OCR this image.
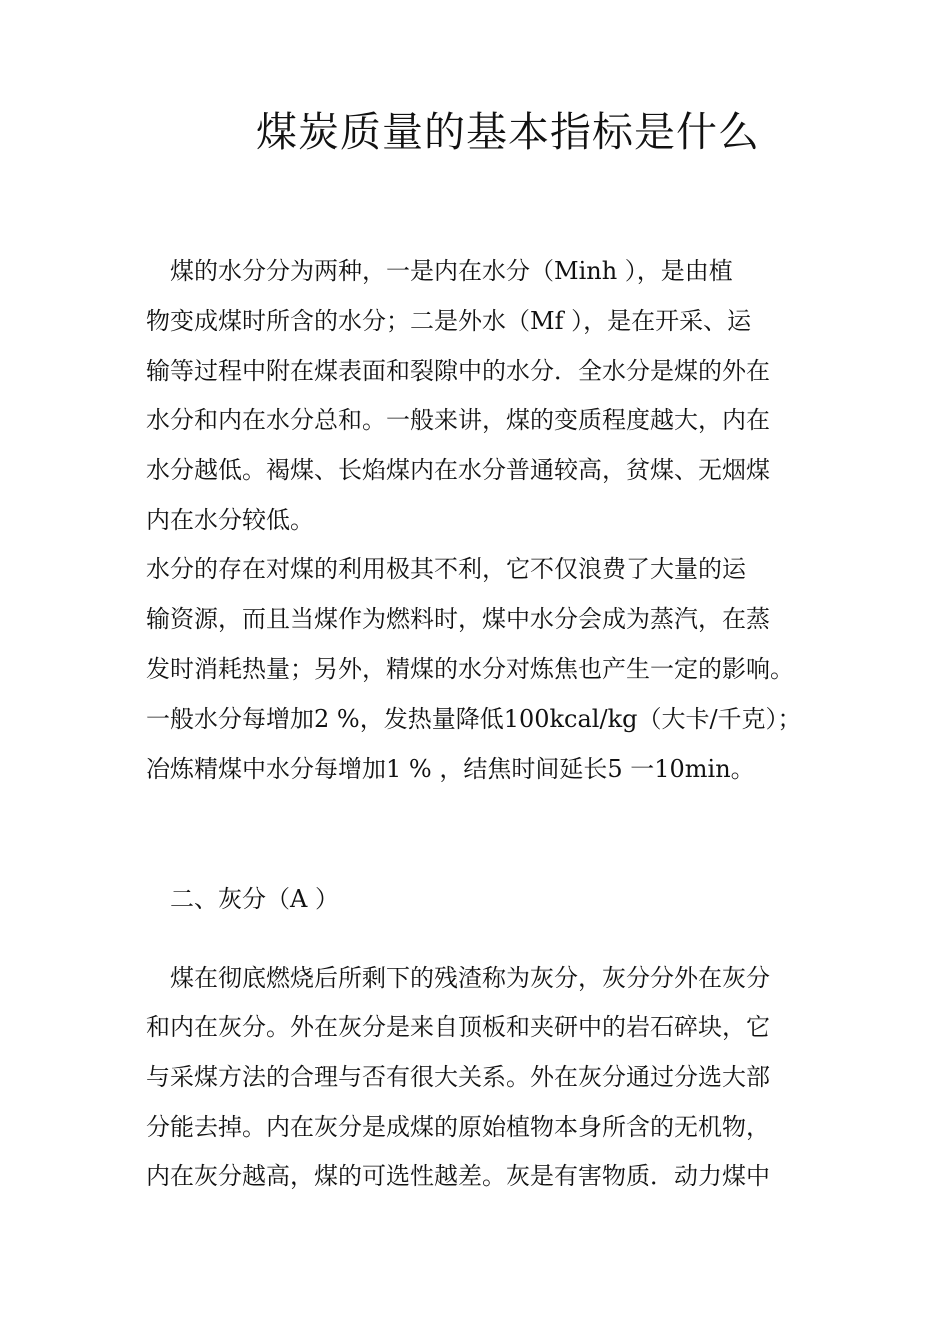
煤炭质量的基本指标是什么

　煤的水分分为两种，一是内在水分（Minh ），是由植

物变成煤时所含的水分；二是外水（Mf ），是在开采、运

输等过程中附在煤表面和裂隙中的水分．全水分是煤的外在

水分和内在水分总和。一般来讲，煤的变质程度越大，内在

水分越低。褐煤、长焰煤内在水分普通较高，贫煤、无烟煤

内在水分较低。

水分的存在对煤的利用极其不利，它不仅浪费了大量的运

输资源，而且当煤作为燃料时，煤中水分会成为蒸汽，在蒸

发时消耗热量；另外，精煤的水分对炼焦也产生一定的影响。

一般水分每增加2 %，发热量降低100kcal/kg（大卡/千克）；

冶炼精煤中水分每增加1 % ，结焦时间延长5 一10min。

　二、灰分（A ）

　煤在彻底燃烧后所剩下的残渣称为灰分，灰分分外在灰分

和内在灰分。外在灰分是来自顶板和夹研中的岩石碎块，它

与采煤方法的合理与否有很大关系。外在灰分通过分选大部

分能去掉。内在灰分是成煤的原始植物本身所含的无机物，

内在灰分越高，煤的可选性越差。灰是有害物质．动力煤中
